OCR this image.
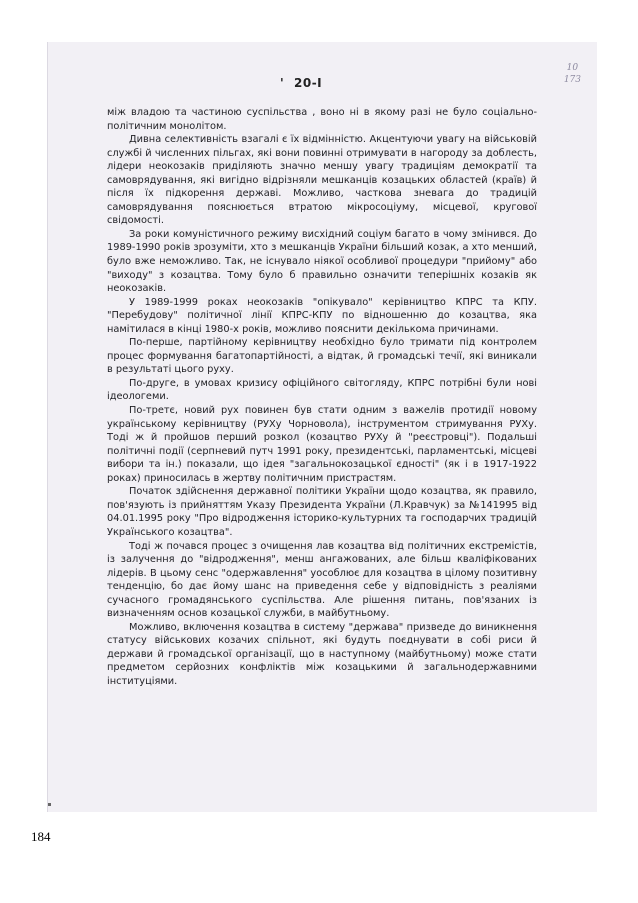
10
173
' 20-I

між владою та частиною суспільства , воно ні в якому разі не було соціально-політичним монолітом.

Дивна селективність взагалі є їх відмінністю. Акцентуючи увагу на військовій службі й численних пільгах, які вони повинні отримувати в нагороду за доблесть, лідери неокозаків приділяють значно меншу увагу традиціям демократії та самоврядування, які вигідно відрізняли мешканців козацьких областей (країв) й після їх підкорення державі. Можливо, часткова зневага до традицій самоврядування пояснюється втратою мікросоціуму, місцевої, кругової свідомості.

За роки комуністичного режиму висхідний соціум багато в чому змінився. До 1989-1990 років зрозуміти, хто з мешканців України більший козак, а хто менший, було вже неможливо. Так, не існувало ніякої особливої процедури "прийому" або "виходу" з козацтва. Тому було б правильно означити теперішніх козаків як неокозаків.

У 1989-1999 роках неокозаків "опікувало" керівництво КПРС та КПУ. "Перебудову" політичної лінії КПРС-КПУ по відношенню до козацтва, яка намітилася в кінці 1980-х років, можливо пояснити декількома причинами.

По-перше, партійному керівництву необхідно було тримати під контролем процес формування багатопартійності, а відтак, й громадські течії, які виникали в результаті цього руху.

По-друге, в умовах кризису офіційного світогляду, КПРС потрібні були нові ідеологеми.

По-третє, новий рух повинен був стати одним з важелів протидії новому українському керівництву (РУХу Чорновола), інструментом стримування РУХу. Тоді ж й пройшов перший розкол (козацтво РУХу й "реєстровці"). Подальші політичні події (серпневий путч 1991 року, президентські, парламентські, місцеві вибори та ін.) показали, що ідея "загальнокозацької єдності" (як і в 1917-1922 роках) приносилась в жертву політичним пристрастям.

Початок здійснення державної політики України щодо козацтва, як правило, пов'язують із прийняттям Указу Президента України (Л.Кравчук) за №141995 від 04.01.1995 року "Про відродження історико-культурних та господарчих традицій Українського козацтва".

Тоді ж почався процес з очищення лав козацтва від політичних екстремістів, із залучення до "відродження", менш ангажованих, але більш кваліфікованих лідерів. В цьому сенс "одержавлення" уособлює для козацтва в цілому позитивну тенденцію, бо дає йому шанс на приведення себе у відповідність з реаліями сучасного громадянського суспільства. Але рішення питань, пов'язаних із визначенням основ козацької служби, в майбутньому.

Можливо, включення козацтва в систему "держава" призведе до виникнення статусу військових козачих спільнот, які будуть поєднувати в собі риси й держави й громадської організації, що в наступному (майбутньому) може стати предметом серйозних конфліктів між козацькими й загальнодержавними інституціями.

184
